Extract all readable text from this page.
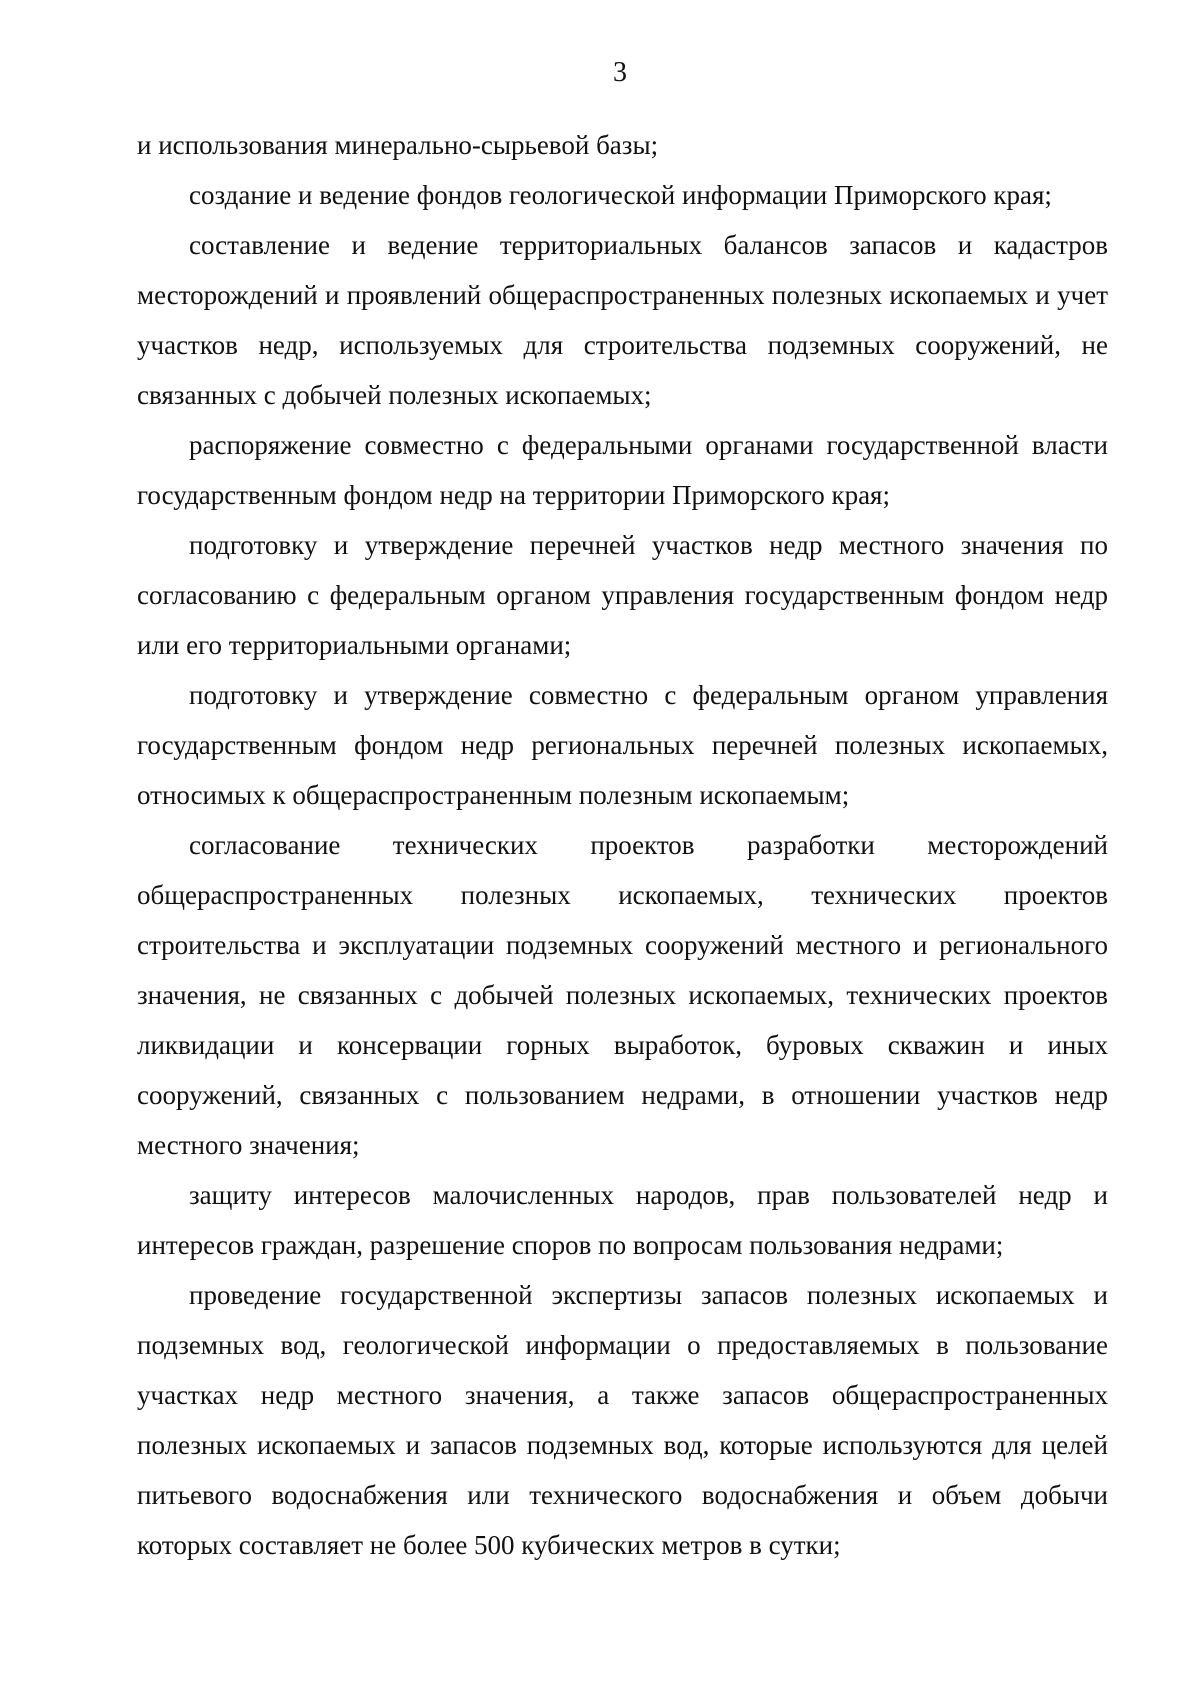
3

и использования минерально-сырьевой базы;

создание и ведение фондов геологической информации Приморского края;

составление и ведение территориальных балансов запасов и кадастров месторождений и проявлений общераспространенных полезных ископаемых и учет участков недр, используемых для строительства подземных сооружений, не связанных с добычей полезных ископаемых;

распоряжение совместно с федеральными органами государственной власти государственным фондом недр на территории Приморского края;

подготовку и утверждение перечней участков недр местного значения по согласованию с федеральным органом управления государственным фондом недр или его территориальными органами;

подготовку и утверждение совместно с федеральным органом управления государственным фондом недр региональных перечней полезных ископаемых, относимых к общераспространенным полезным ископаемым;

согласование технических проектов разработки месторождений общераспространенных полезных ископаемых, технических проектов строительства и эксплуатации подземных сооружений местного и регионального значения, не связанных с добычей полезных ископаемых, технических проектов ликвидации и консервации горных выработок, буровых скважин и иных сооружений, связанных с пользованием недрами, в отношении участков недр местного значения;

защиту интересов малочисленных народов, прав пользователей недр и интересов граждан, разрешение споров по вопросам пользования недрами;

проведение государственной экспертизы запасов полезных ископаемых и подземных вод, геологической информации о предоставляемых в пользование участках недр местного значения, а также запасов общераспространенных полезных ископаемых и запасов подземных вод, которые используются для целей питьевого водоснабжения или технического водоснабжения и объем добычи которых составляет не более 500 кубических метров в сутки;
